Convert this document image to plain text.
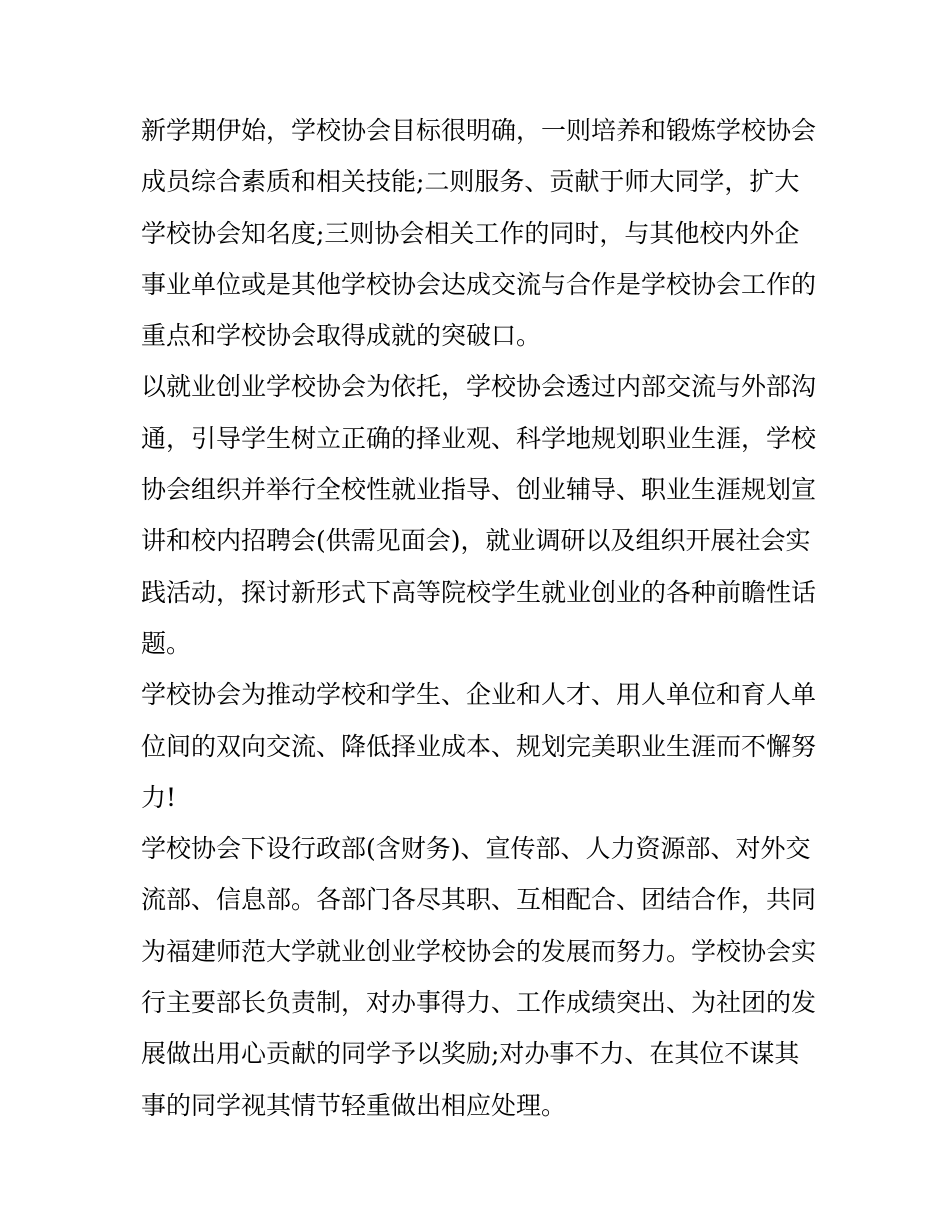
新学期伊始，学校协会目标很明确，一则培养和锻炼学校协会成员综合素质和相关技能;二则服务、贡献于师大同学，扩大学校协会知名度;三则协会相关工作的同时，与其他校内外企事业单位或是其他学校协会达成交流与合作是学校协会工作的重点和学校协会取得成就的突破口。

以就业创业学校协会为依托，学校协会透过内部交流与外部沟通，引导学生树立正确的择业观、科学地规划职业生涯，学校协会组织并举行全校性就业指导、创业辅导、职业生涯规划宣讲和校内招聘会(供需见面会)，就业调研以及组织开展社会实践活动，探讨新形式下高等院校学生就业创业的各种前瞻性话题。

学校协会为推动学校和学生、企业和人才、用人单位和育人单位间的双向交流、降低择业成本、规划完美职业生涯而不懈努力!

学校协会下设行政部(含财务)、宣传部、人力资源部、对外交流部、信息部。各部门各尽其职、互相配合、团结合作，共同为福建师范大学就业创业学校协会的发展而努力。学校协会实行主要部长负责制，对办事得力、工作成绩突出、为社团的发展做出用心贡献的同学予以奖励;对办事不力、在其位不谋其事的同学视其情节轻重做出相应处理。
